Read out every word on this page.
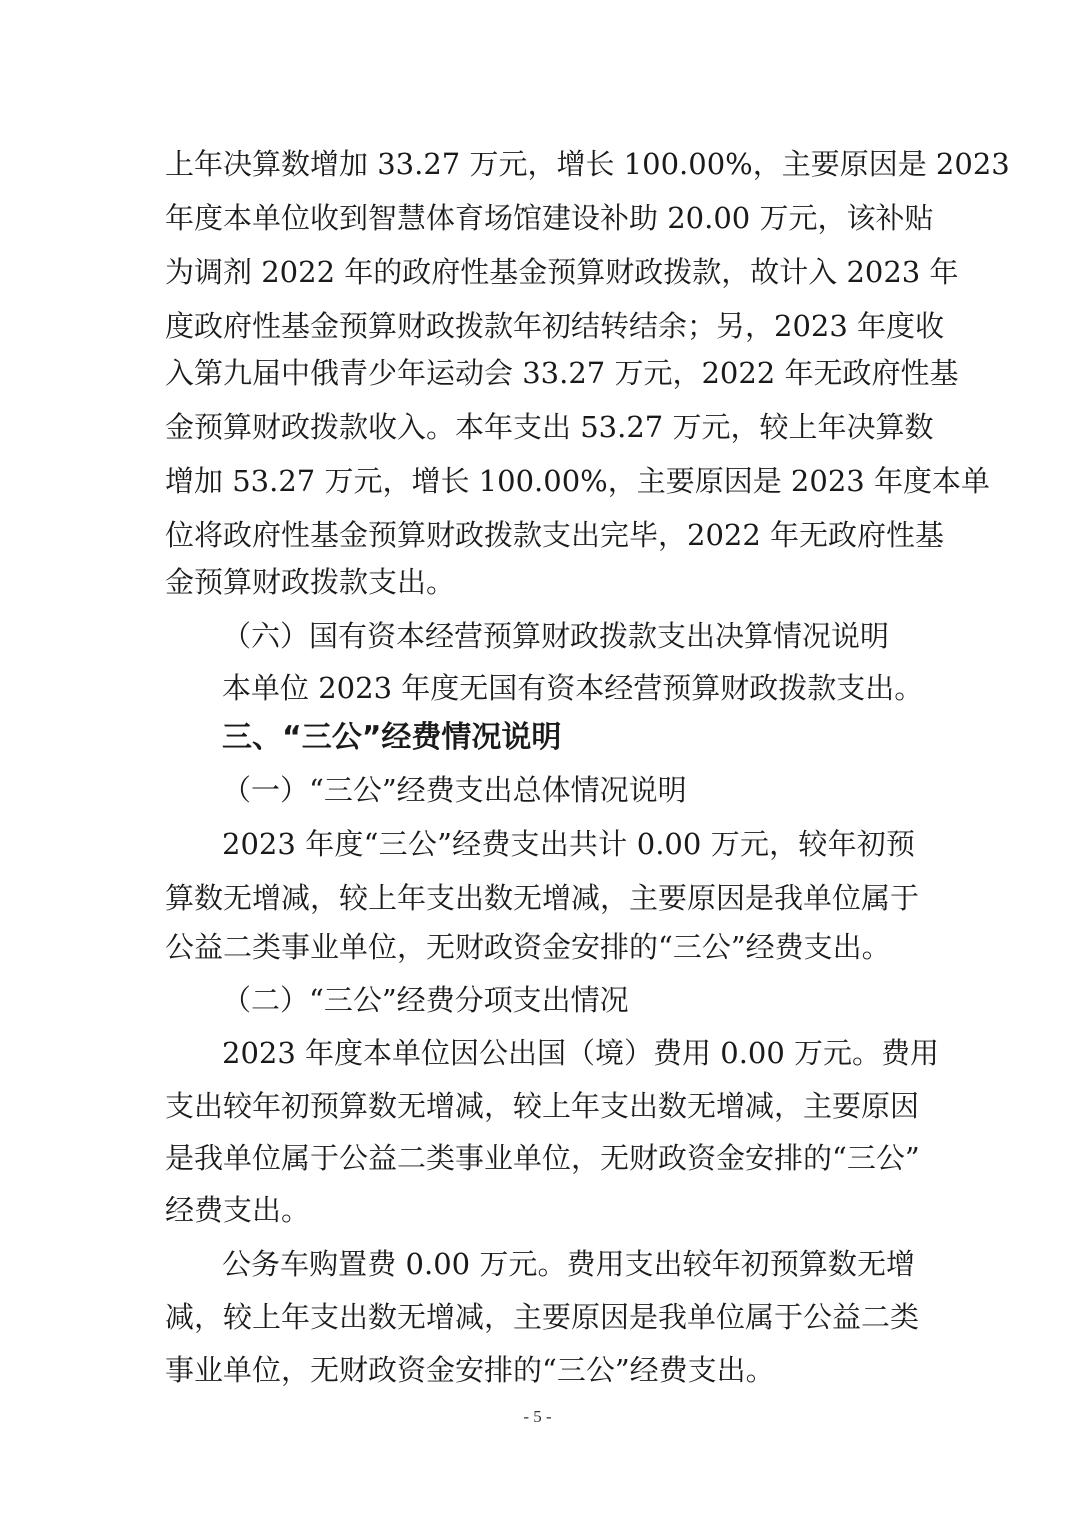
上年决算数增加 33.27 万元，增长 100.00%，主要原因是 2023
年度本单位收到智慧体育场馆建设补助 20.00 万元，该补贴
为调剂 2022 年的政府性基金预算财政拨款，故计入 2023 年
度政府性基金预算财政拨款年初结转结余；另，2023 年度收
入第九届中俄青少年运动会 33.27 万元，2022 年无政府性基
金预算财政拨款收入。本年支出 53.27 万元，较上年决算数
增加 53.27 万元，增长 100.00%，主要原因是 2023 年度本单
位将政府性基金预算财政拨款支出完毕，2022 年无政府性基
金预算财政拨款支出。
（六）国有资本经营预算财政拨款支出决算情况说明
本单位 2023 年度无国有资本经营预算财政拨款支出。
三、“三公”经费情况说明
（一）“三公”经费支出总体情况说明
2023 年度“三公”经费支出共计 0.00 万元，较年初预
算数无增减，较上年支出数无增减，主要原因是我单位属于
公益二类事业单位，无财政资金安排的“三公”经费支出。
（二）“三公”经费分项支出情况
2023 年度本单位因公出国（境）费用 0.00 万元。费用
支出较年初预算数无增减，较上年支出数无增减，主要原因
是我单位属于公益二类事业单位，无财政资金安排的“三公”
经费支出。
公务车购置费 0.00 万元。费用支出较年初预算数无增
减，较上年支出数无增减，主要原因是我单位属于公益二类
事业单位，无财政资金安排的“三公”经费支出。
- 5 -
